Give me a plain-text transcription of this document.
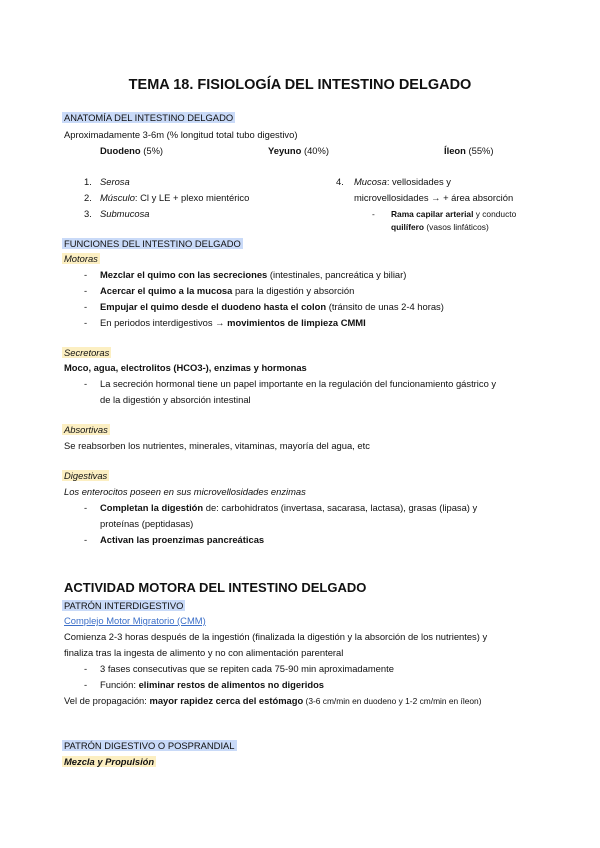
TEMA 18. FISIOLOGÍA DEL INTESTINO DELGADO
ANATOMÍA DEL INTESTINO DELGADO
Aproximadamente 3-6m (% longitud total tubo digestivo)
Duodeno (5%)	Yeyuno (40%)	Íleon (55%)
1. Serosa
2. Músculo: Cl y LE + plexo mientérico
3. Submucosa
4. Mucosa: vellosidades y
microvellosidades → + área absorción
- Rama capilar arterial y conducto
quilífero (vasos linfáticos)
FUNCIONES DEL INTESTINO DELGADO
Motoras
- Mezclar el quimo con las secreciones (intestinales, pancreática y biliar)
- Acercar el quimo a la mucosa para la digestión y absorción
- Empujar el quimo desde el duodeno hasta el colon (tránsito de unas 2-4 horas)
- En periodos interdigestivos → movimientos de limpieza CMMI
Secretoras
Moco, agua, electrolitos (HCO3-), enzimas y hormonas
- La secreción hormonal tiene un papel importante en la regulación del funcionamiento gástrico y
de la digestión y absorción intestinal
Absortivas
Se reabsorben los nutrientes, minerales, vitaminas, mayoría del agua, etc
Digestivas
Los enterocitos poseen en sus microvellosidades enzimas
- Completan la digestión de: carbohidratos (invertasa, sacarasa, lactasa), grasas (lipasa) y
proteínas (peptidasas)
- Activan las proenzimas pancreáticas
ACTIVIDAD MOTORA DEL INTESTINO DELGADO
PATRÓN INTERDIGESTIVO
Complejo Motor Migratorio (CMM)
Comienza 2-3 horas después de la ingestión (finalizada la digestión y la absorción de los nutrientes) y
finaliza tras la ingesta de alimento y no con alimentación parenteral
- 3 fases consecutivas que se repiten cada 75-90 min aproximadamente
- Función: eliminar restos de alimentos no digeridos
Vel de propagación: mayor rapidez cerca del estómago (3-6 cm/min en duodeno y 1-2 cm/min en íleon)
PATRÓN DIGESTIVO O POSPRANDIAL
Mezcla y Propulsión
